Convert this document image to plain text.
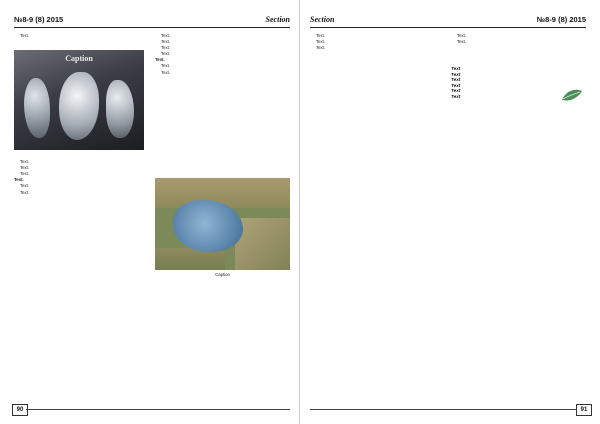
№8-9 (8) 2015	Section

Text.

Text.

Text.

Text.

Text.

Text.

Text.

Caption

Text.

Text.

Text.

Text.

Text.

Text.

Text.

90
Section	№8-9 (8) 2015

Text.

Text.

Text.

Text.

Text.

Text
Text
Text
Text
Text
Text
91
Caption
